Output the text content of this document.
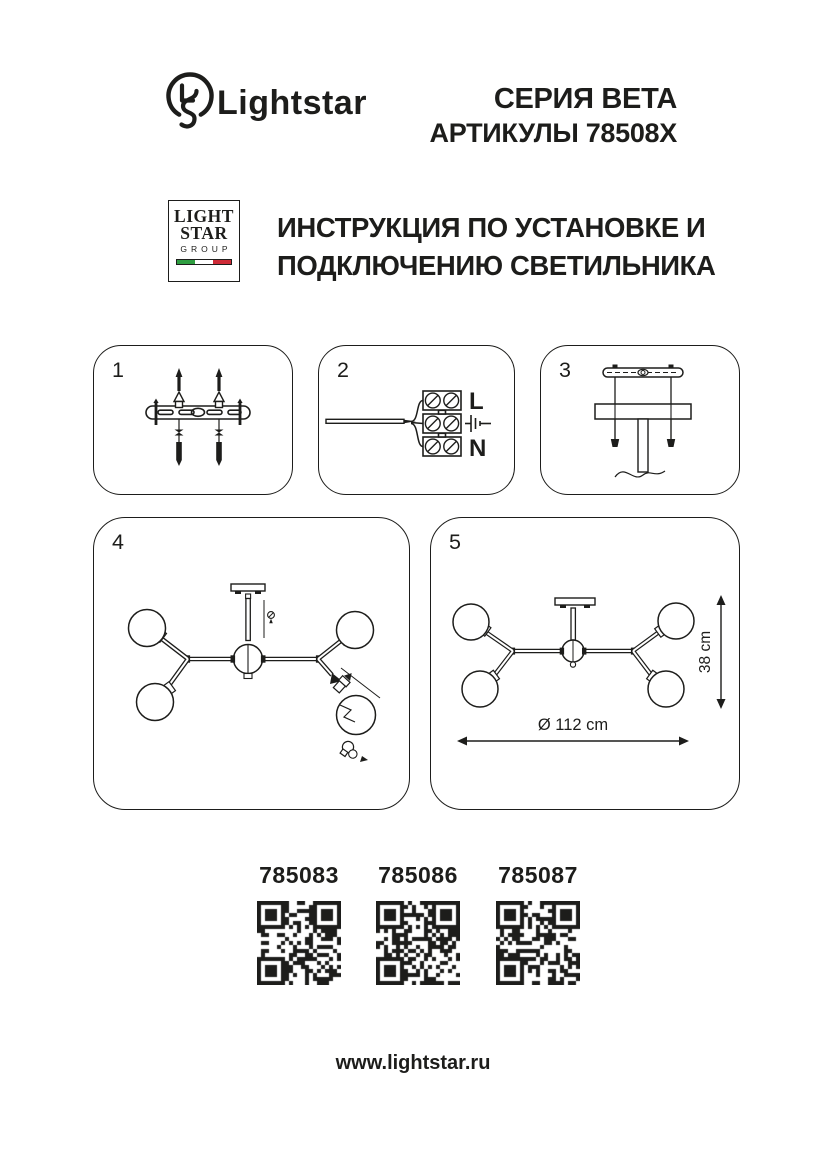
Lightstar	СЕРИЯ BETA
АРТИКУЛЫ 78508X
LIGHT
STAR
GROUP
ИНСТРУКЦИЯ ПО УСТАНОВКЕ И
ПОДКЛЮЧЕНИЮ СВЕТИЛЬНИКА
1	2
L
N
3
4	5
38 cm
Ø 112 cm
785083	785086	785087
www.lightstar.ru
